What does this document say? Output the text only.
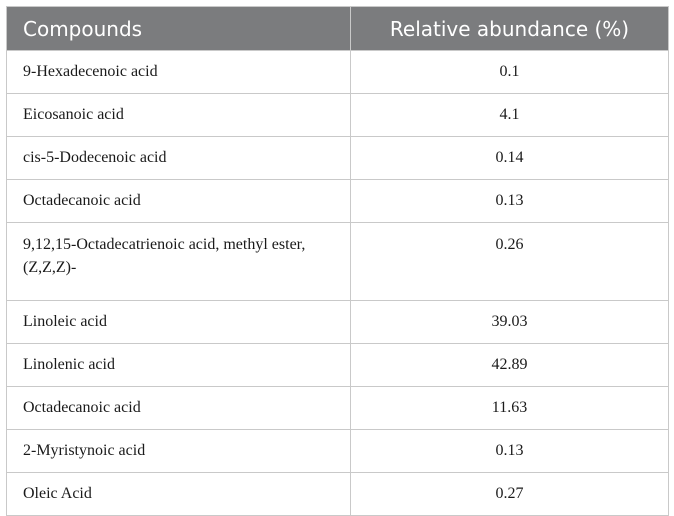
Compounds	Relative abundance (%)
9-Hexadecenoic acid	0.1
Eicosanoic acid	4.1
cis-5-Dodecenoic acid	0.14
Octadecanoic acid	0.13
9,12,15-Octadecatrienoic acid, methyl ester, (Z,Z,Z)-	0.26
Linoleic acid	39.03
Linolenic acid	42.89
Octadecanoic acid	11.63
2-Myristynoic acid	0.13
Oleic Acid	0.27
